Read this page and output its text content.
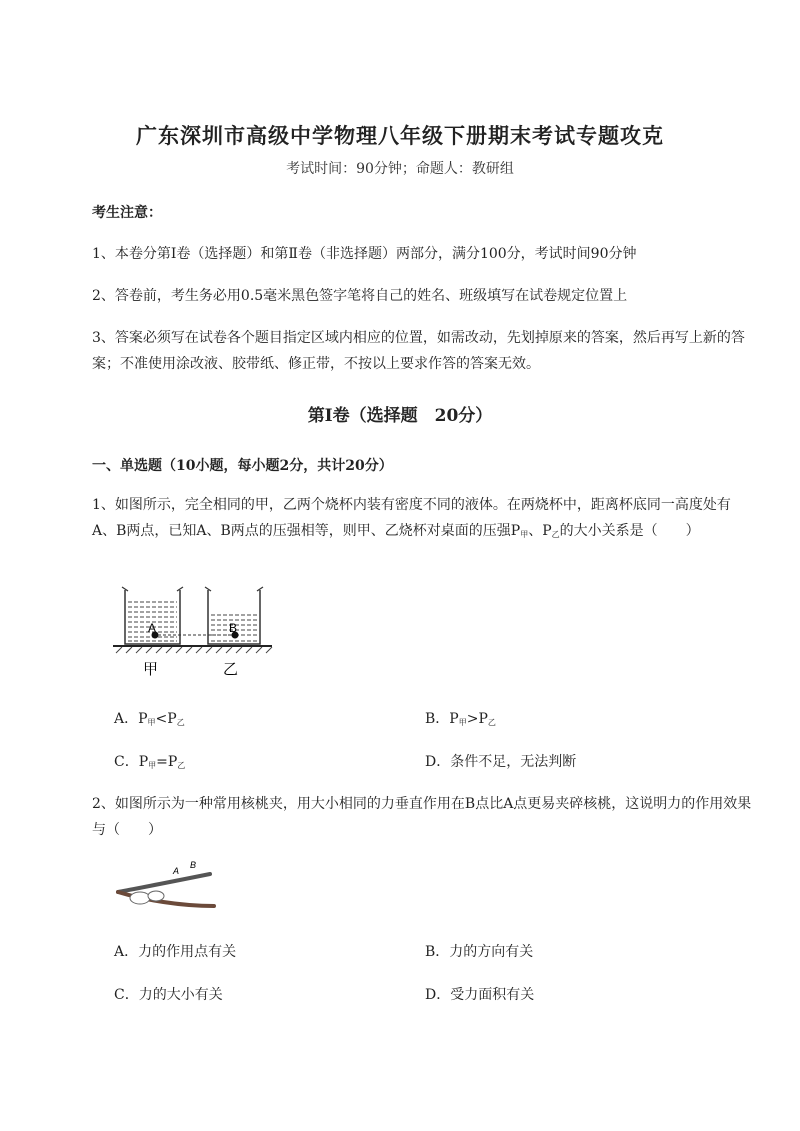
广东深圳市高级中学物理八年级下册期末考试专题攻克
考试时间：90分钟；命题人：教研组
考生注意：
1、本卷分第I卷（选择题）和第Ⅱ卷（非选择题）两部分，满分100分，考试时间90分钟
2、答卷前，考生务必用0.5毫米黑色签字笔将自己的姓名、班级填写在试卷规定位置上
3、答案必须写在试卷各个题目指定区域内相应的位置，如需改动，先划掉原来的答案，然后再写上新的答案；不准使用涂改液、胶带纸、修正带，不按以上要求作答的答案无效。
第I卷（选择题　20分）
一、单选题（10小题，每小题2分，共计20分）
1、如图所示，完全相同的甲，乙两个烧杯内装有密度不同的液体。在两烧杯中，距离杯底同一高度处有A、B两点，已知A、B两点的压强相等，则甲、乙烧杯对桌面的压强$P_甲$、$P_乙$的大小关系是（　　）
A	B
甲	乙
A．$P_甲<P_乙$	B．$P_甲>P_乙$
C．$P_甲=P_乙$	D．条件不足，无法判断
2、如图所示为一种常用核桃夹，用大小相同的力垂直作用在B点比A点更易夹碎核桃，这说明力的作用效果与（　　）
A
B
A．力的作用点有关	B．力的方向有关
C．力的大小有关	D．受力面积有关
